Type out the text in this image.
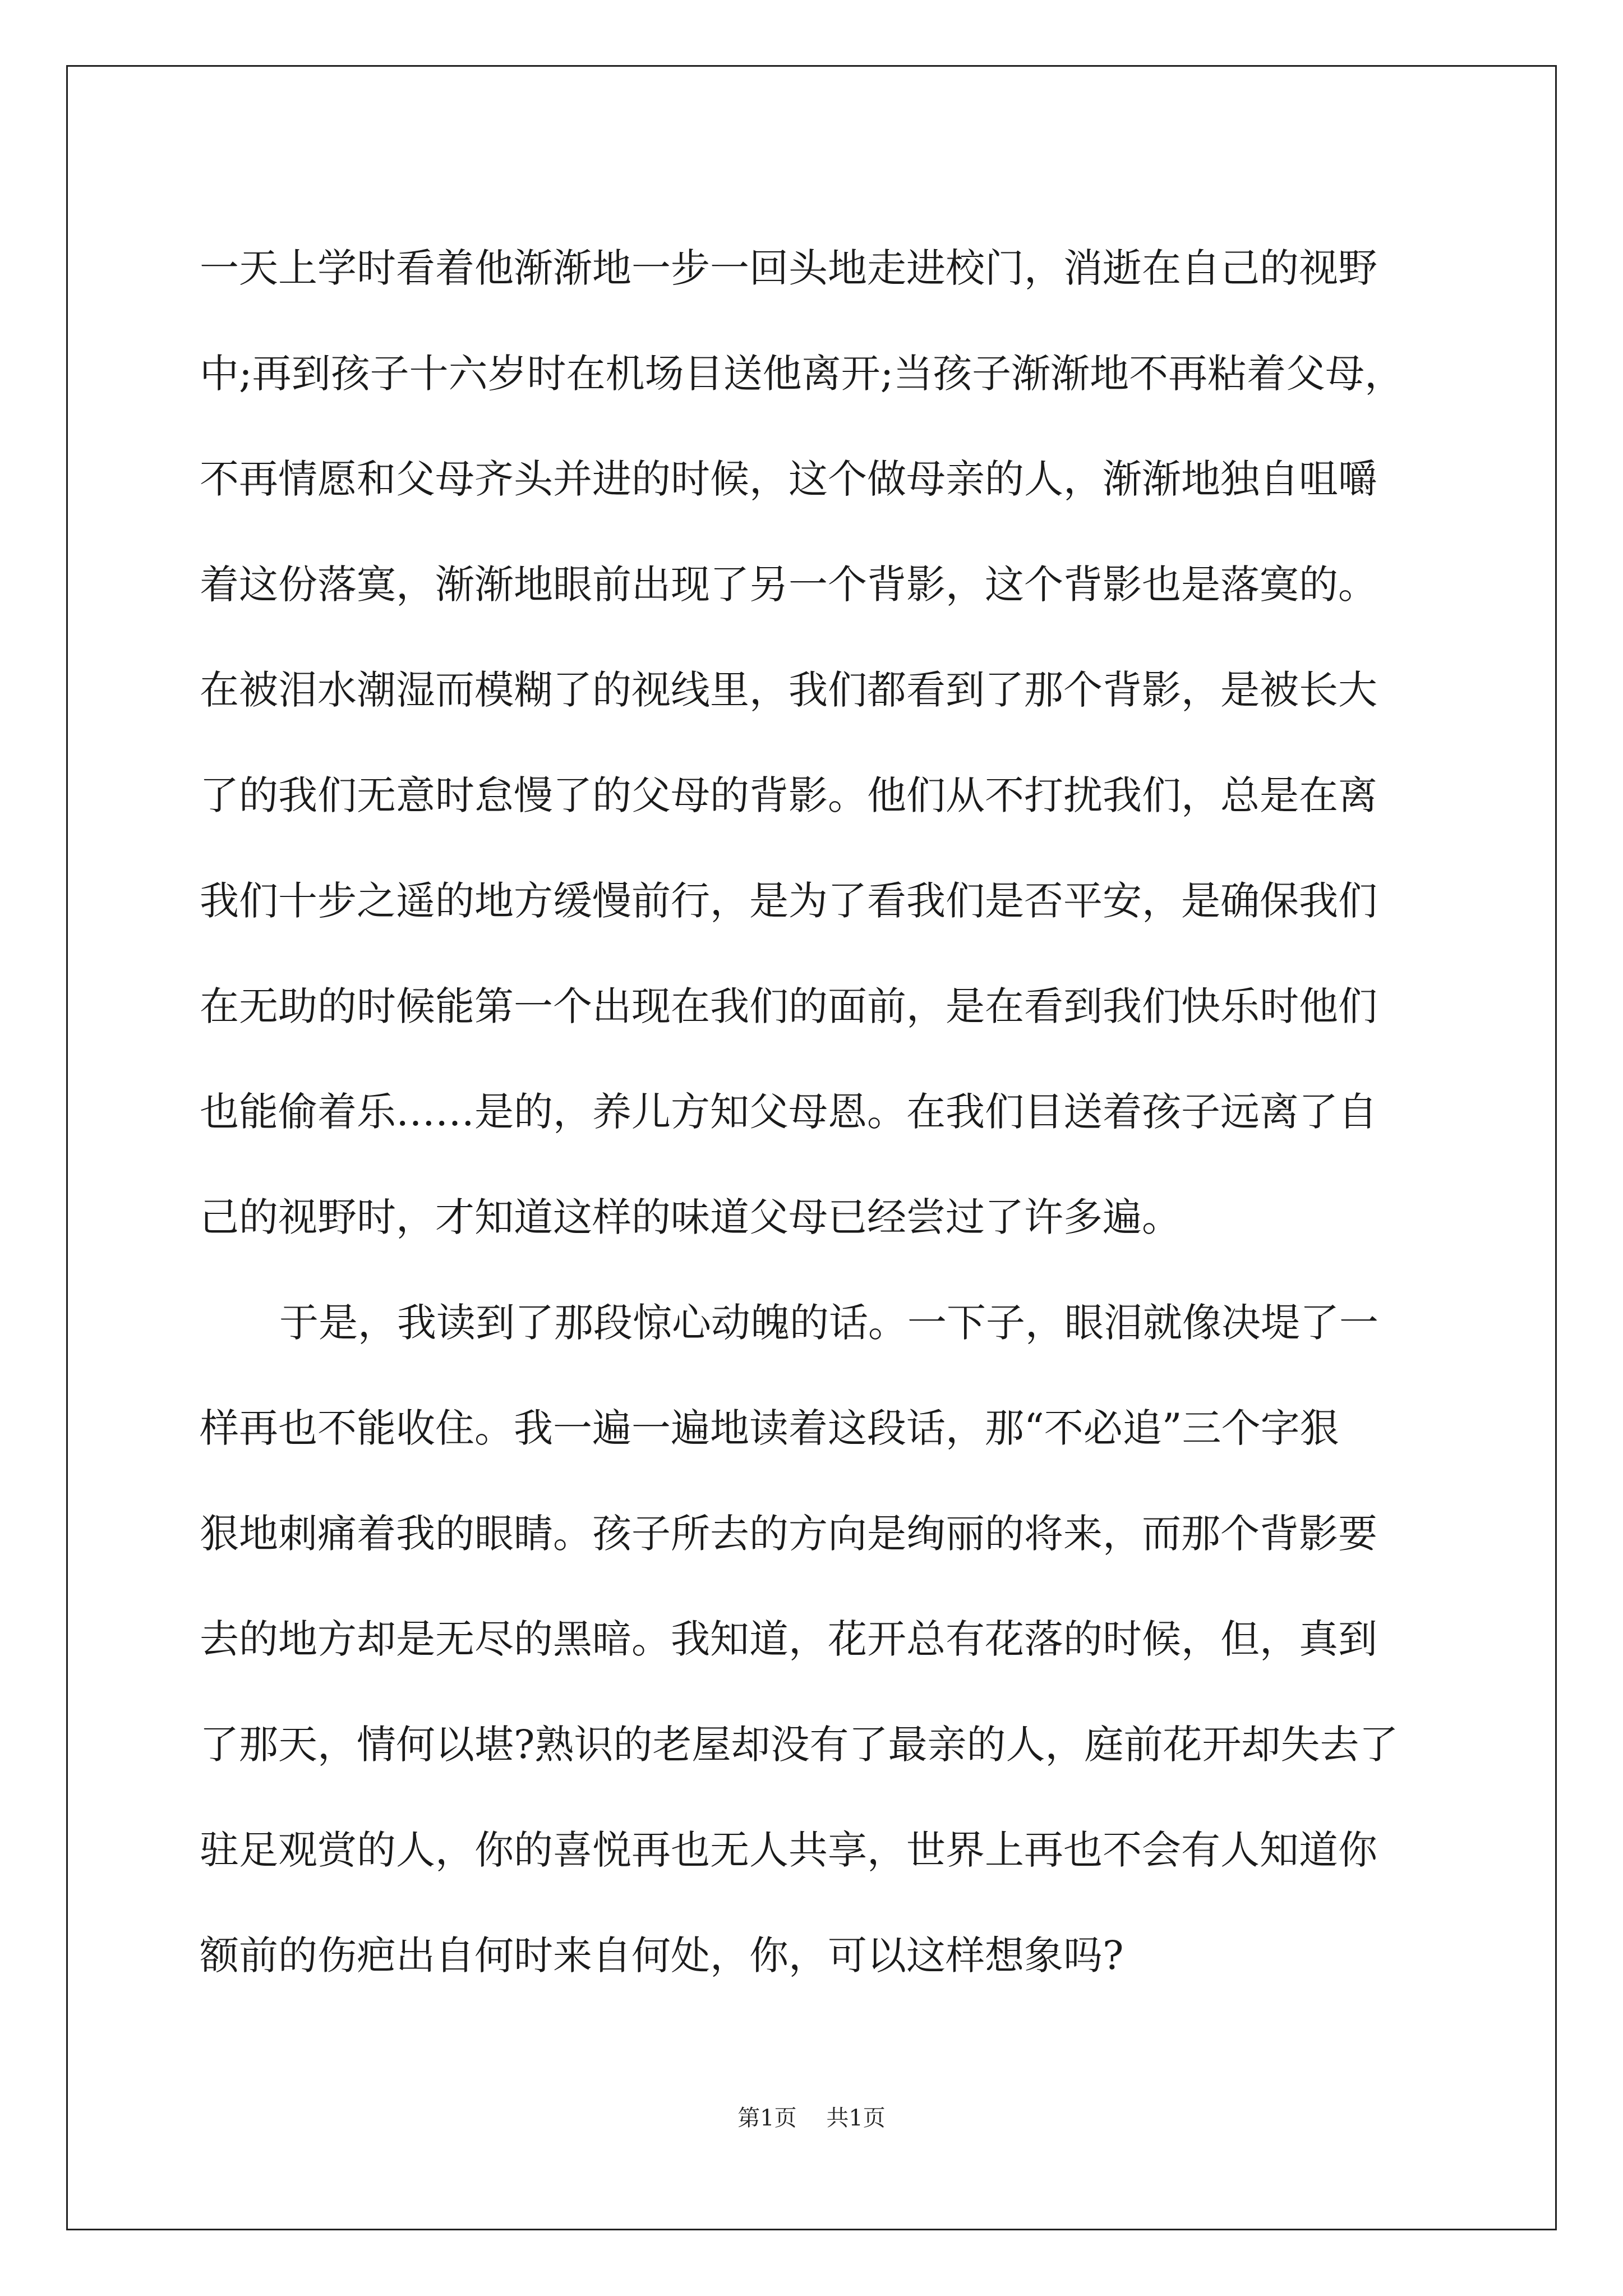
一天上学时看着他渐渐地一步一回头地走进校门，消逝在自己的视野
中;再到孩子十六岁时在机场目送他离开;当孩子渐渐地不再粘着父母，
不再情愿和父母齐头并进的时候，这个做母亲的人，渐渐地独自咀嚼
着这份落寞，渐渐地眼前出现了另一个背影，这个背影也是落寞的。
在被泪水潮湿而模糊了的视线里，我们都看到了那个背影，是被长大
了的我们无意时怠慢了的父母的背影。他们从不打扰我们，总是在离
我们十步之遥的地方缓慢前行，是为了看我们是否平安，是确保我们
在无助的时候能第一个出现在我们的面前，是在看到我们快乐时他们
也能偷着乐……是的，养儿方知父母恩。在我们目送着孩子远离了自
己的视野时，才知道这样的味道父母已经尝过了许多遍。
于是，我读到了那段惊心动魄的话。一下子，眼泪就像决堤了一
样再也不能收住。我一遍一遍地读着这段话，那“不必追”三个字狠
狠地刺痛着我的眼睛。孩子所去的方向是绚丽的将来，而那个背影要
去的地方却是无尽的黑暗。我知道，花开总有花落的时候，但，真到
了那天，情何以堪?熟识的老屋却没有了最亲的人，庭前花开却失去了
驻足观赏的人，你的喜悦再也无人共享，世界上再也不会有人知道你
额前的伤疤出自何时来自何处，你，可以这样想象吗?
第1页 共1页
